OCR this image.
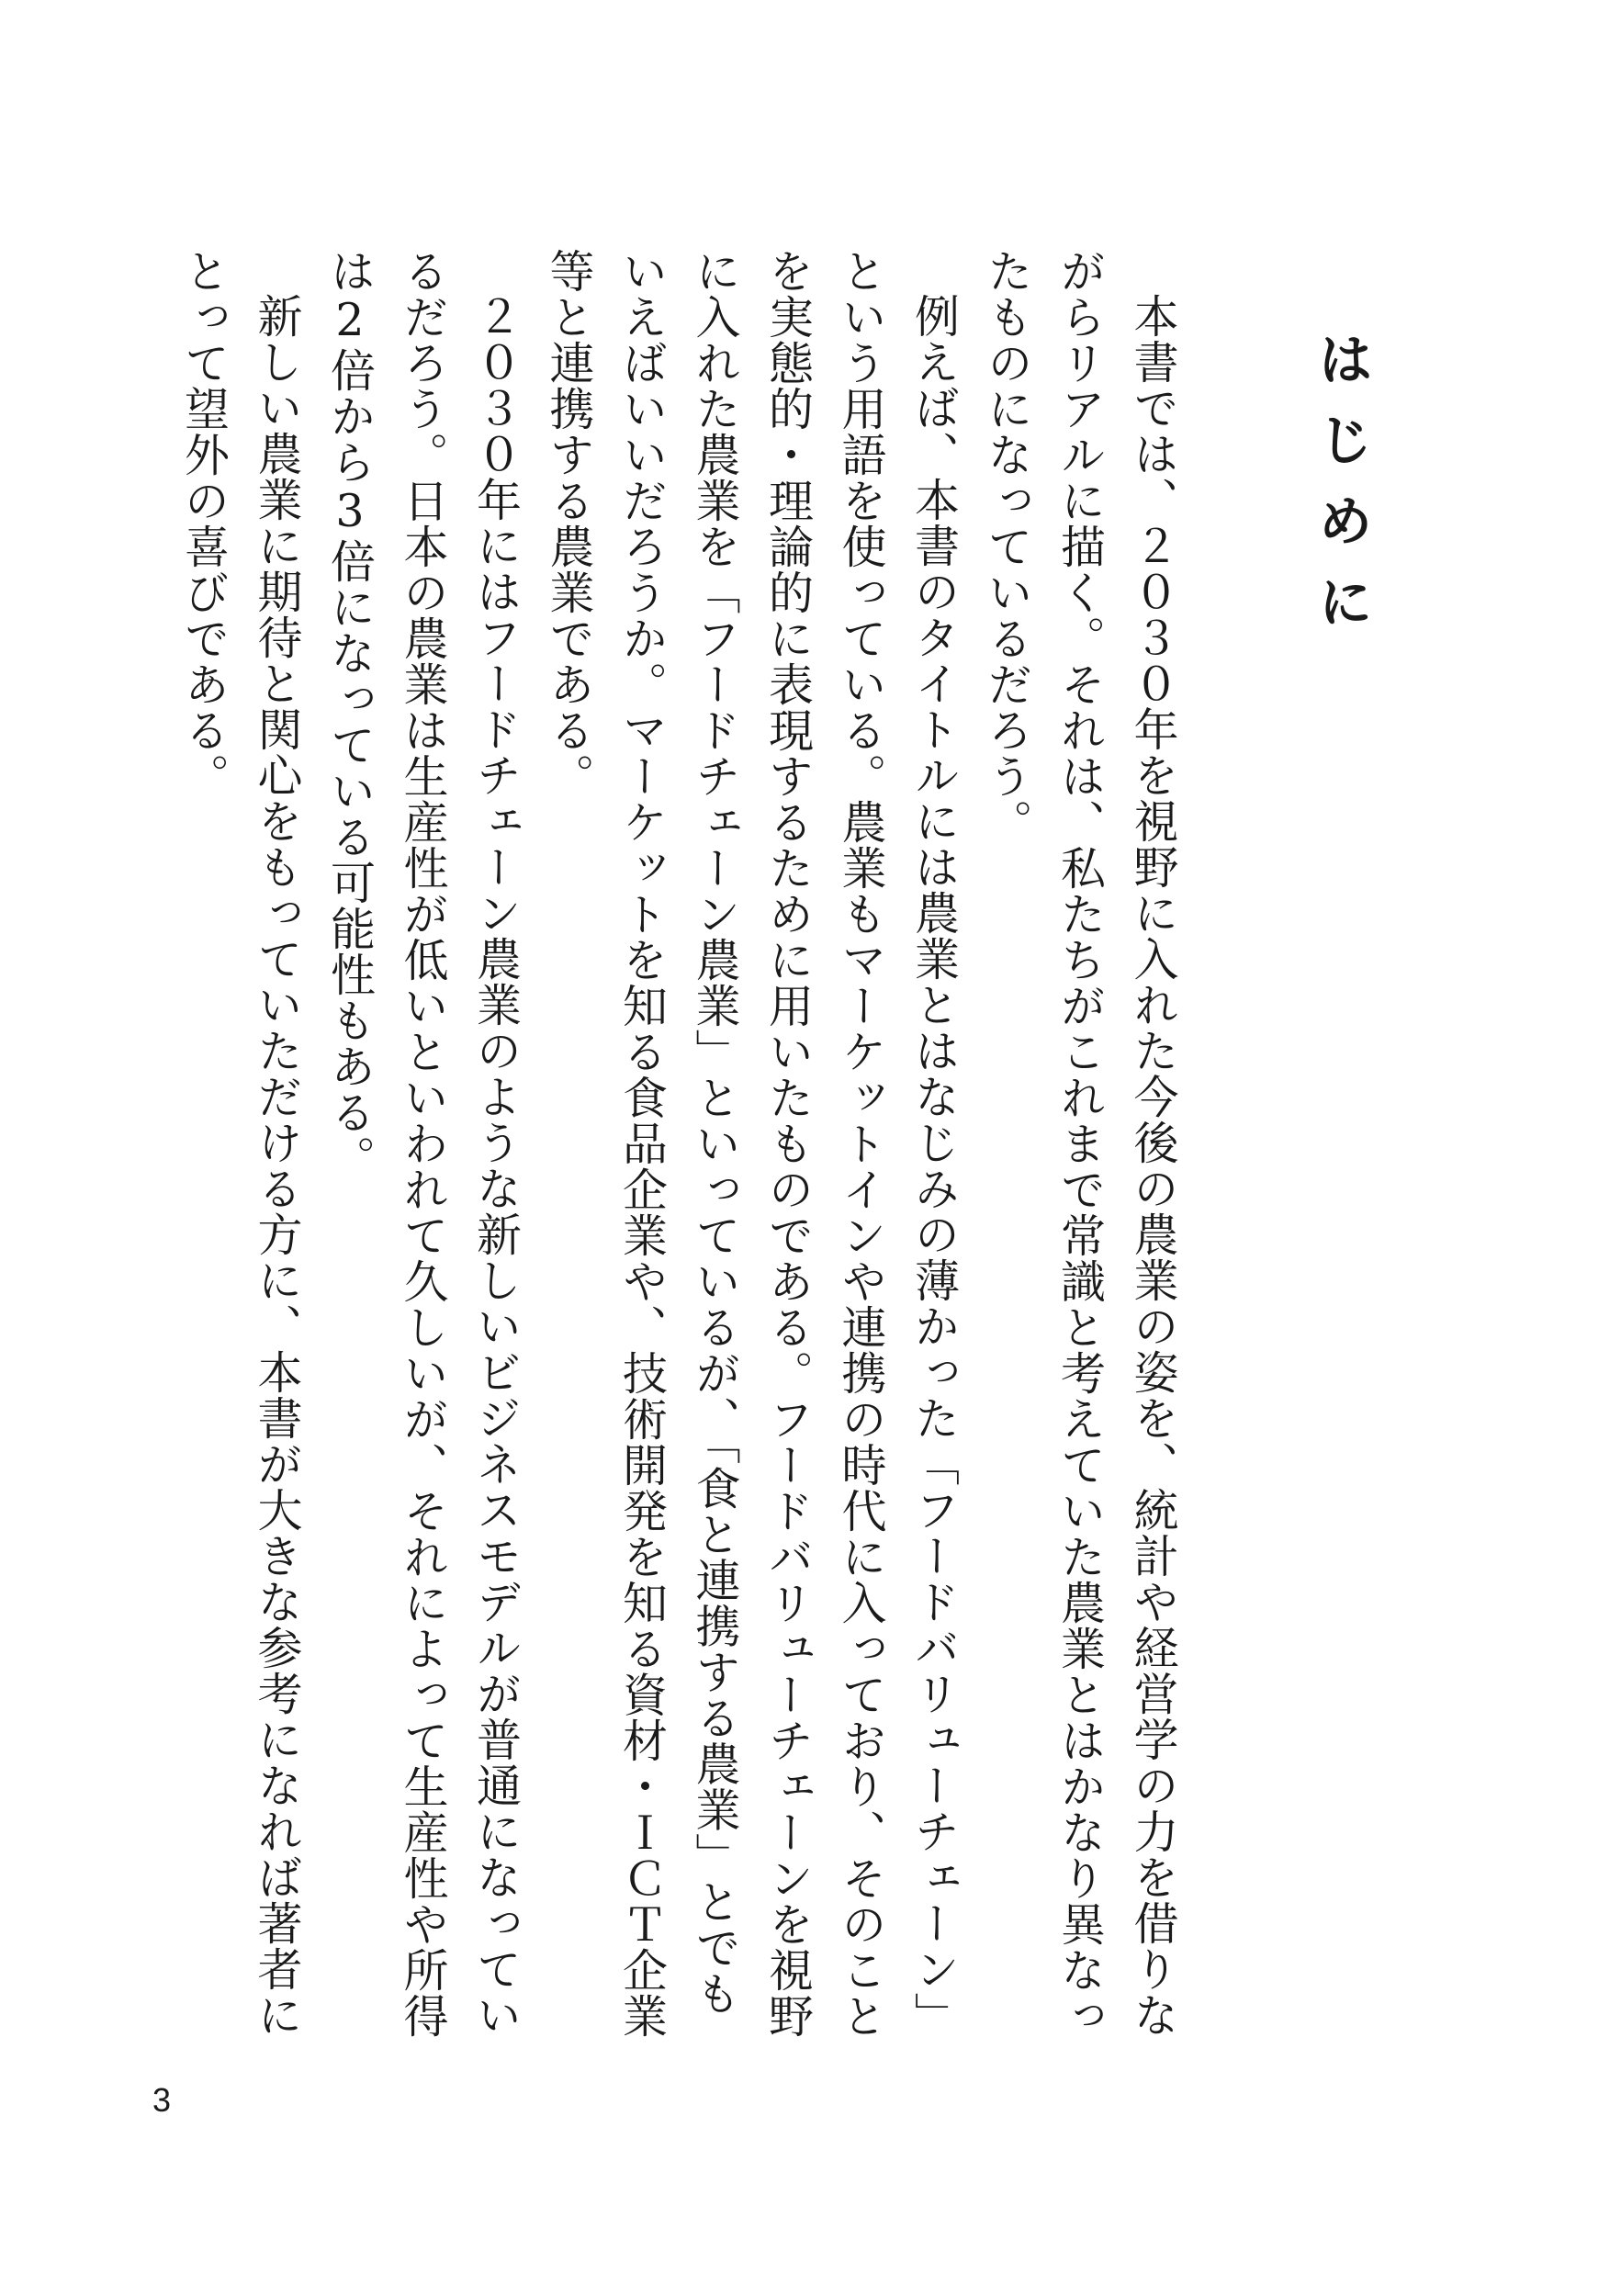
はじめに

本書では、２０３０年を視野に入れた今後の農業の姿を、統計や経営学の力を借りながらリアルに描く。それは、私たちがこれまで常識と考えていた農業とはかなり異なったものになっているだろう。

例えば、本書のタイトルには農業とはなじみの薄かった「フードバリューチェーン」という用語を使っている。農業もマーケットインや連携の時代に入っており、そのことを実態的・理論的に表現するために用いたものである。フードバリューチェーンを視野に入れた農業を「フードチェーン農業」といっているが、「食と連携する農業」とでもいえばいいだろうか。マーケットを知る食品企業や、技術開発を知る資材・ＩＣＴ企業等と連携する農業である。

２０３０年にはフードチェーン農業のような新しいビジネスモデルが普通になっているだろう。日本の農業は生産性が低いといわれて久しいが、それによって生産性や所得は2倍から3倍になっている可能性もある。

新しい農業に期待と関心をもっていただける方に、本書が大きな参考になれば著者にとって望外の喜びである。

3
